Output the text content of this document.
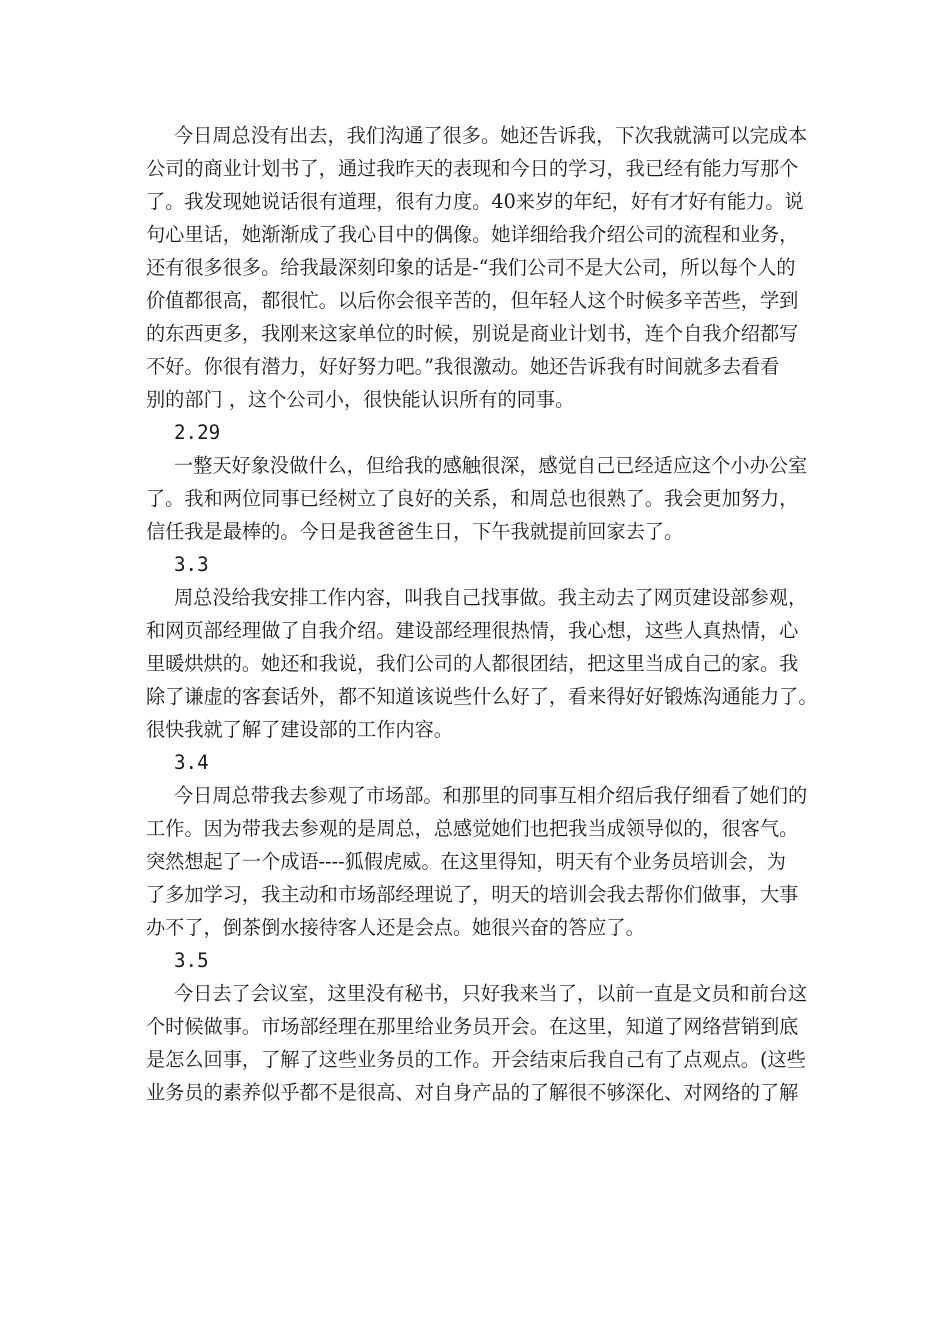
今日周总没有出去，我们沟通了很多。她还告诉我，下次我就满可以完成本
公司的商业计划书了，通过我昨天的表现和今日的学习，我已经有能力写那个
了。我发现她说话很有道理，很有力度。40来岁的年纪，好有才好有能力。说
句心里话，她渐渐成了我心目中的偶像。她详细给我介绍公司的流程和业务，
还有很多很多。给我最深刻印象的话是-“我们公司不是大公司，所以每个人的
价值都很高，都很忙。以后你会很辛苦的，但年轻人这个时候多辛苦些，学到
的东西更多，我刚来这家单位的时候，别说是商业计划书，连个自我介绍都写
不好。你很有潜力，好好努力吧。”我很激动。她还告诉我有时间就多去看看
别的部门 ，这个公司小，很快能认识所有的同事。
2.29
一整天好象没做什么，但给我的感触很深，感觉自己已经适应这个小办公室
了。我和两位同事已经树立了良好的关系，和周总也很熟了。我会更加努力，
信任我是最棒的。今日是我爸爸生日，下午我就提前回家去了。
3.3
周总没给我安排工作内容，叫我自己找事做。我主动去了网页建设部参观，
和网页部经理做了自我介绍。建设部经理很热情，我心想，这些人真热情，心
里暖烘烘的。她还和我说，我们公司的人都很团结，把这里当成自己的家。我
除了谦虚的客套话外，都不知道该说些什么好了，看来得好好锻炼沟通能力了。
很快我就了解了建设部的工作内容。
3.4
今日周总带我去参观了市场部。和那里的同事互相介绍后我仔细看了她们的
工作。因为带我去参观的是周总，总感觉她们也把我当成领导似的，很客气。
突然想起了一个成语----狐假虎威。在这里得知，明天有个业务员培训会，为
了多加学习，我主动和市场部经理说了，明天的培训会我去帮你们做事，大事
办不了，倒茶倒水接待客人还是会点。她很兴奋的答应了。
3.5
今日去了会议室，这里没有秘书，只好我来当了，以前一直是文员和前台这
个时候做事。市场部经理在那里给业务员开会。在这里，知道了网络营销到底
是怎么回事，了解了这些业务员的工作。开会结束后我自己有了点观点。(这些
业务员的素养似乎都不是很高、对自身产品的了解很不够深化、对网络的了解
